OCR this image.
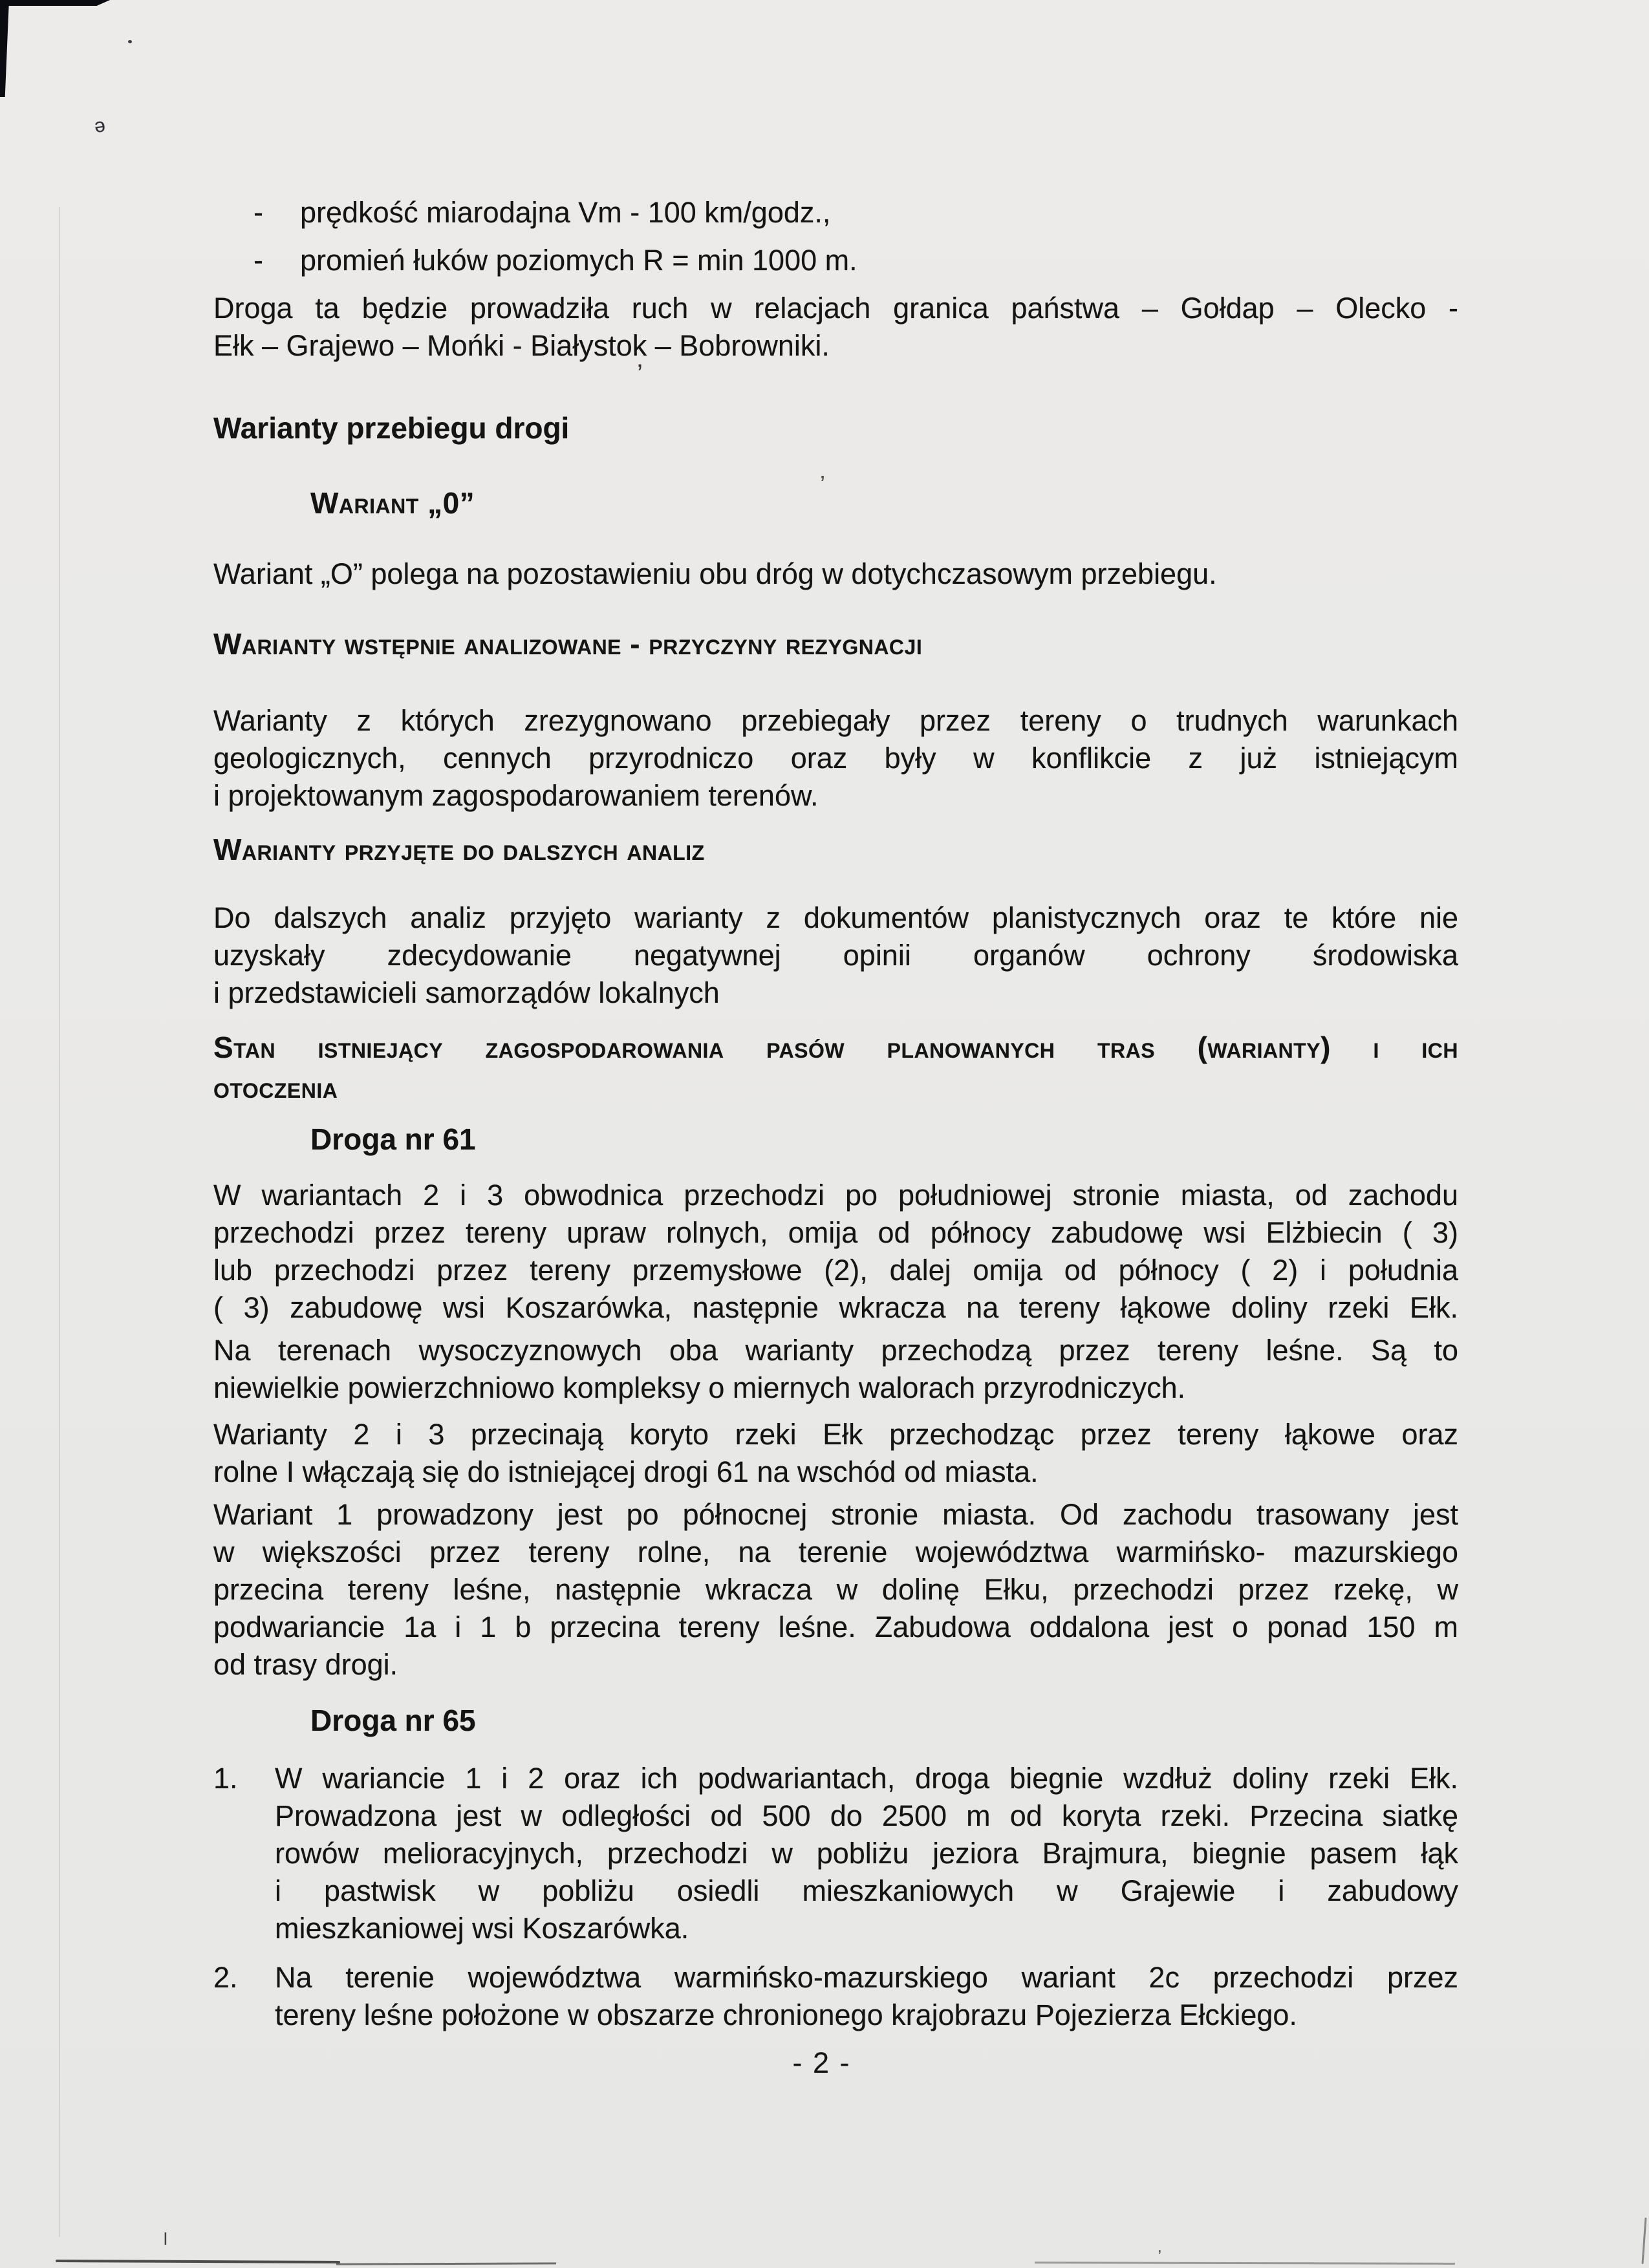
ə
’
’
l	,
-	prędkość miarodajna Vm - 100 km/godz.,
-	promień łuków poziomych R = min 1000 m.

Droga ta będzie prowadziła ruch w relacjach granica państwa – Gołdap – Olecko -
Ełk – Grajewo – Mońki - Białystok – Bobrowniki.

Warianty przebiegu drogi
Wariant „0”

Wariant „O” polega na pozostawieniu obu dróg w dotychczasowym przebiegu.

Warianty wstępnie analizowane - przyczyny rezygnacji

Warianty z których zrezygnowano przebiegały przez tereny o trudnych warunkach
geologicznych, cennych przyrodniczo oraz były w konflikcie z już istniejącym
i projektowanym zagospodarowaniem terenów.

Warianty przyjęte do dalszych analiz

Do dalszych analiz przyjęto warianty z dokumentów planistycznych oraz te które nie
uzyskały zdecydowanie negatywnej opinii organów ochrony środowiska
i przedstawicieli samorządów lokalnych

Stan istniejący zagospodarowania pasów planowanych tras (warianty) i ich
otoczenia
Droga nr 61

W wariantach 2 i 3 obwodnica przechodzi po południowej stronie miasta, od zachodu
przechodzi przez tereny upraw rolnych, omija od północy zabudowę wsi Elżbiecin ( 3)
lub przechodzi przez tereny przemysłowe (2), dalej omija od północy ( 2) i południa
( 3) zabudowę wsi Koszarówka, następnie wkracza na tereny łąkowe doliny rzeki Ełk.

Na terenach wysoczyznowych oba warianty przechodzą przez tereny leśne. Są to
niewielkie powierzchniowo kompleksy o miernych walorach przyrodniczych.

Warianty 2 i 3 przecinają koryto rzeki Ełk przechodząc przez tereny łąkowe oraz
rolne I włączają się do istniejącej drogi 61 na wschód od miasta.

Wariant 1 prowadzony jest po północnej stronie miasta. Od zachodu trasowany jest
w większości przez tereny rolne, na terenie województwa warmińsko- mazurskiego
przecina tereny leśne, następnie wkracza w dolinę Ełku, przechodzi przez rzekę, w
podwariancie 1a i 1 b przecina tereny leśne. Zabudowa oddalona jest o ponad 150 m
od trasy drogi.

Droga nr 65
1.	W wariancie 1 i 2 oraz ich podwariantach, droga biegnie wzdłuż doliny rzeki Ełk.
Prowadzona jest w odległości od 500 do 2500 m od koryta rzeki. Przecina siatkę
rowów melioracyjnych, przechodzi w pobliżu jeziora Brajmura, biegnie pasem łąk
i pastwisk w pobliżu osiedli mieszkaniowych w Grajewie i zabudowy
mieszkaniowej wsi Koszarówka.
2.	Na terenie województwa warmińsko-mazurskiego wariant 2c przechodzi przez
tereny leśne położone w obszarze chronionego krajobrazu Pojezierza Ełckiego.
- 2 -
